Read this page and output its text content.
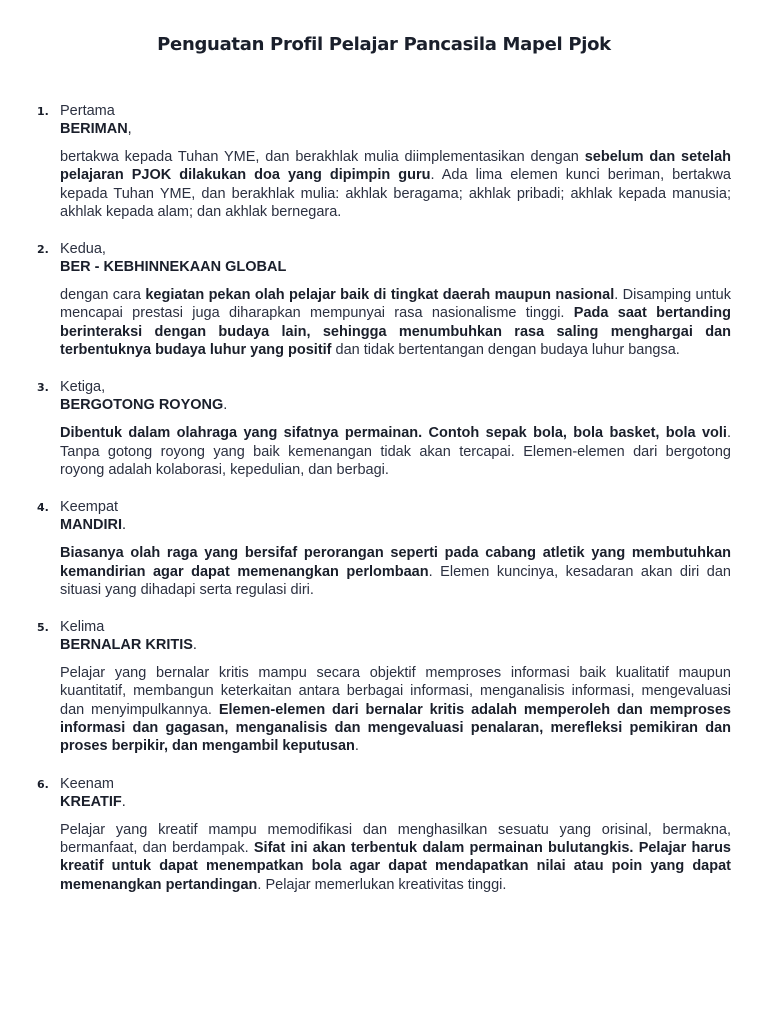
Penguatan Profil Pelajar Pancasila Mapel Pjok
1. Pertama
BERIMAN,
bertakwa kepada Tuhan YME, dan berakhlak mulia diimplementasikan dengan sebelum dan setelah pelajaran PJOK dilakukan doa yang dipimpin guru. Ada lima elemen kunci beriman, bertakwa kepada Tuhan YME, dan berakhlak mulia: akhlak beragama; akhlak pribadi; akhlak kepada manusia; akhlak kepada alam; dan akhlak bernegara.
2. Kedua,
BER - KEBHINNEKAAN GLOBAL
dengan cara kegiatan pekan olah pelajar baik di tingkat daerah maupun nasional. Disamping untuk mencapai prestasi juga diharapkan mempunyai rasa nasionalisme tinggi. Pada saat bertanding berinteraksi dengan budaya lain, sehingga menumbuhkan rasa saling menghargai dan terbentuknya budaya luhur yang positif dan tidak bertentangan dengan budaya luhur bangsa.
3. Ketiga,
BERGOTONG ROYONG.
Dibentuk dalam olahraga yang sifatnya permainan. Contoh sepak bola, bola basket, bola voli. Tanpa gotong royong yang baik kemenangan tidak akan tercapai. Elemen-elemen dari bergotong royong adalah kolaborasi, kepedulian, dan berbagi.
4. Keempat
MANDIRI.
Biasanya olah raga yang bersifaf perorangan seperti pada cabang atletik yang membutuhkan kemandirian agar dapat memenangkan perlombaan. Elemen kuncinya, kesadaran akan diri dan situasi yang dihadapi serta regulasi diri.
5. Kelima
BERNALAR KRITIS.
Pelajar yang bernalar kritis mampu secara objektif memproses informasi baik kualitatif maupun kuantitatif, membangun keterkaitan antara berbagai informasi, menganalisis informasi, mengevaluasi dan menyimpulkannya. Elemen-elemen dari bernalar kritis adalah memperoleh dan memproses informasi dan gagasan, menganalisis dan mengevaluasi penalaran, merefleksi pemikiran dan proses berpikir, dan mengambil keputusan.
6. Keenam
KREATIF.
Pelajar yang kreatif mampu memodifikasi dan menghasilkan sesuatu yang orisinal, bermakna, bermanfaat, dan berdampak. Sifat ini akan terbentuk dalam permainan bulutangkis. Pelajar harus kreatif untuk dapat menempatkan bola agar dapat mendapatkan nilai atau poin yang dapat memenangkan pertandingan. Pelajar memerlukan kreativitas tinggi.
